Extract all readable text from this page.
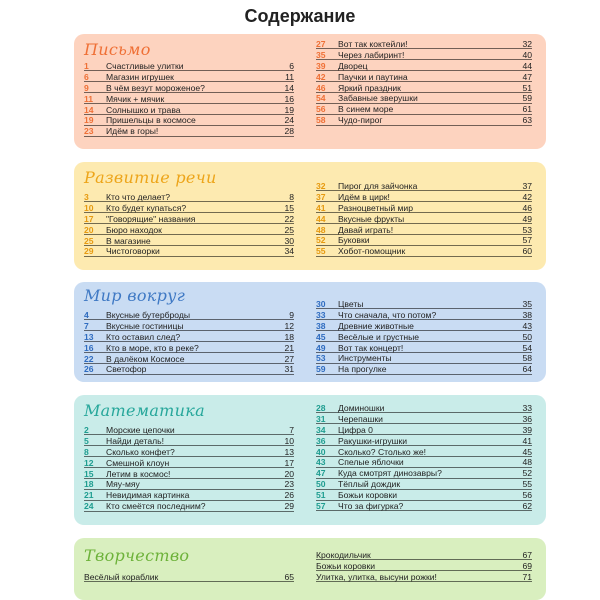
Содержание
Письмо
1	Счастливые улитки	6
6	Магазин игрушек	11
9	В чём везут мороженое?	14
11	Мячик + мячик	16
14	Солнышко и трава	19
19	Пришельцы в космосе	24
23	Идём в горы!	28
27	Вот так коктейли!	32
35	Через лабиринт!	40
39	Дворец	44
42	Паучки и паутина	47
46	Яркий праздник	51
54	Забавные зверушки	59
56	В синем море	61
58	Чудо-пирог	63
Развитие речи
3	Кто что делает?	8
10	Кто будет купаться?	15
17	"Говорящие" названия	22
20	Бюро находок	25
25	В магазине	30
29	Чистоговорки	34
32	Пирог для зайчонка	37
37	Идём в цирк!	42
41	Разноцветный мир	46
44	Вкусные фрукты	49
48	Давай играть!	53
52	Буковки	57
55	Хобот-помощник	60
Мир вокруг
4	Вкусные бутерброды	9
7	Вкусные гостиницы	12
13	Кто оставил след?	18
16	Кто в море, кто в реке?	21
22	В далёком Космосе	27
26	Светофор	31
30	Цветы	35
33	Что сначала, что потом?	38
38	Древние животные	43
45	Весёлые и грустные	50
49	Вот так концерт!	54
53	Инструменты	58
59	На прогулке	64
Математика
2	Морские цепочки	7
5	Найди деталь!	10
8	Сколько конфет?	13
12	Смешной клоун	17
15	Летим в космос!	20
18	Мяу-мяу	23
21	Невидимая картинка	26
24	Кто смеётся последним?	29
28	Доминошки	33
31	Черепашки	36
34	Цифра 0	39
36	Ракушки-игрушки	41
40	Сколько? Столько же!	45
43	Спелые яблочки	48
47	Куда смотрят динозавры?	52
50	Тёплый дождик	55
51	Божьи коровки	56
57	Что за фигурка?	62
Творчество
Весёлый кораблик	65
Крокодильчик	67
Божьи коровки	69
Улитка, улитка, высуни рожки!	71
